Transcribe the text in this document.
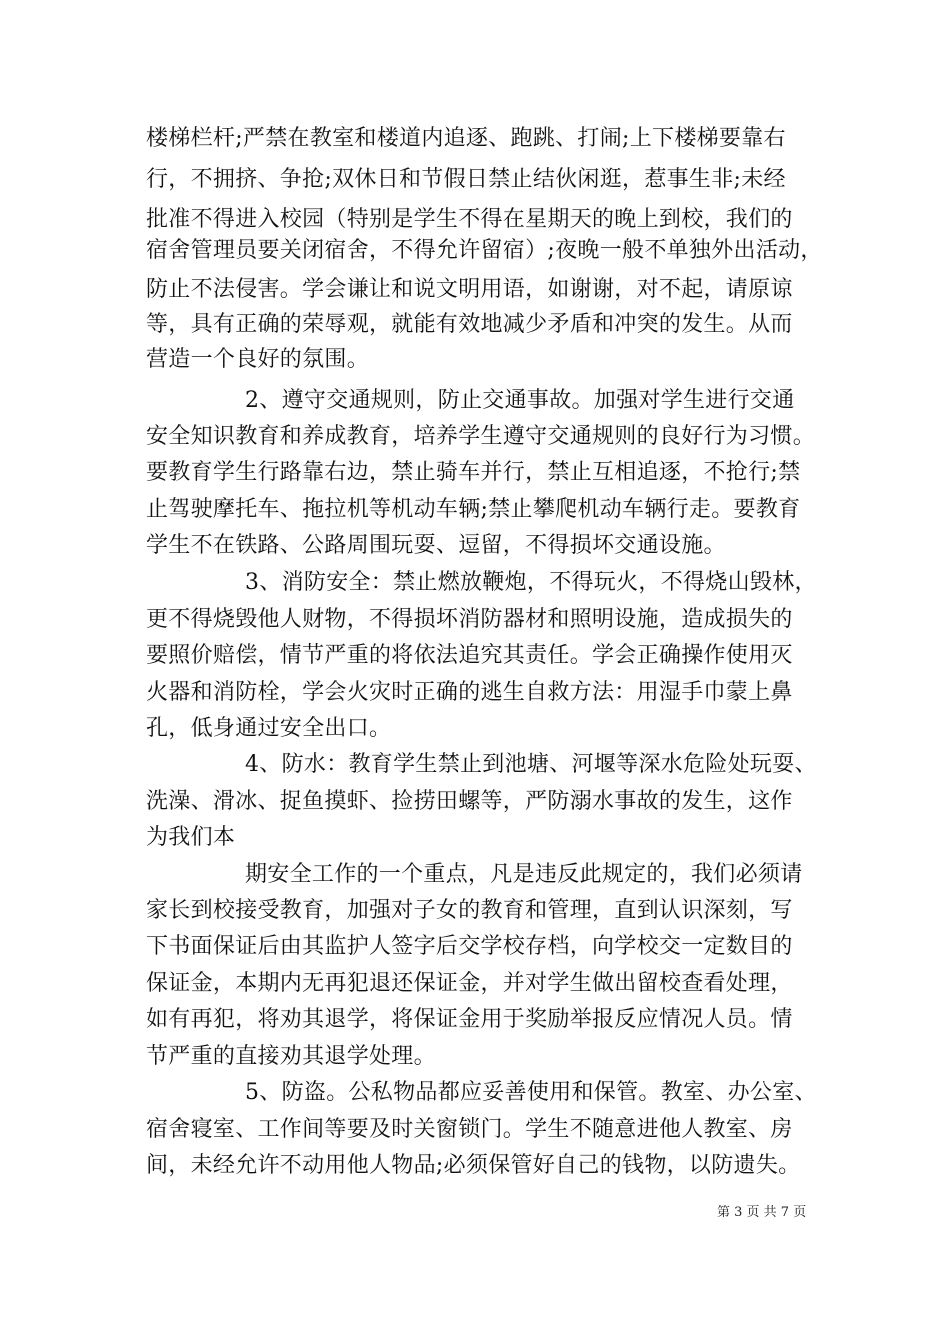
楼梯栏杆;严禁在教室和楼道内追逐、跑跳、打闹;上下楼梯要靠右
行，不拥挤、争抢;双休日和节假日禁止结伙闲逛，惹事生非;未经
批准不得进入校园（特别是学生不得在星期天的晚上到校，我们的
宿舍管理员要关闭宿舍，不得允许留宿）;夜晚一般不单独外出活动，
防止不法侵害。学会谦让和说文明用语，如谢谢，对不起，请原谅
等，具有正确的荣辱观，就能有效地减少矛盾和冲突的发生。从而
营造一个良好的氛围。
2、遵守交通规则，防止交通事故。加强对学生进行交通
安全知识教育和养成教育，培养学生遵守交通规则的良好行为习惯。
要教育学生行路靠右边，禁止骑车并行，禁止互相追逐，不抢行;禁
止驾驶摩托车、拖拉机等机动车辆;禁止攀爬机动车辆行走。要教育
学生不在铁路、公路周围玩耍、逗留，不得损坏交通设施。
3、消防安全：禁止燃放鞭炮，不得玩火，不得烧山毁林，
更不得烧毁他人财物，不得损坏消防器材和照明设施，造成损失的
要照价赔偿，情节严重的将依法追究其责任。学会正确操作使用灭
火器和消防栓，学会火灾时正确的逃生自救方法：用湿手巾蒙上鼻
孔，低身通过安全出口。
4、防水：教育学生禁止到池塘、河堰等深水危险处玩耍、
洗澡、滑冰、捉鱼摸虾、捡捞田螺等，严防溺水事故的发生，这作
为我们本
期安全工作的一个重点，凡是违反此规定的，我们必须请
家长到校接受教育，加强对子女的教育和管理，直到认识深刻，写
下书面保证后由其监护人签字后交学校存档，向学校交一定数目的
保证金，本期内无再犯退还保证金，并对学生做出留校查看处理，
如有再犯，将劝其退学，将保证金用于奖励举报反应情况人员。情
节严重的直接劝其退学处理。
5、防盗。公私物品都应妥善使用和保管。教室、办公室、
宿舍寝室、工作间等要及时关窗锁门。学生不随意进他人教室、房
间，未经允许不动用他人物品;必须保管好自己的钱物，以防遗失。
第 3 页 共 7 页
